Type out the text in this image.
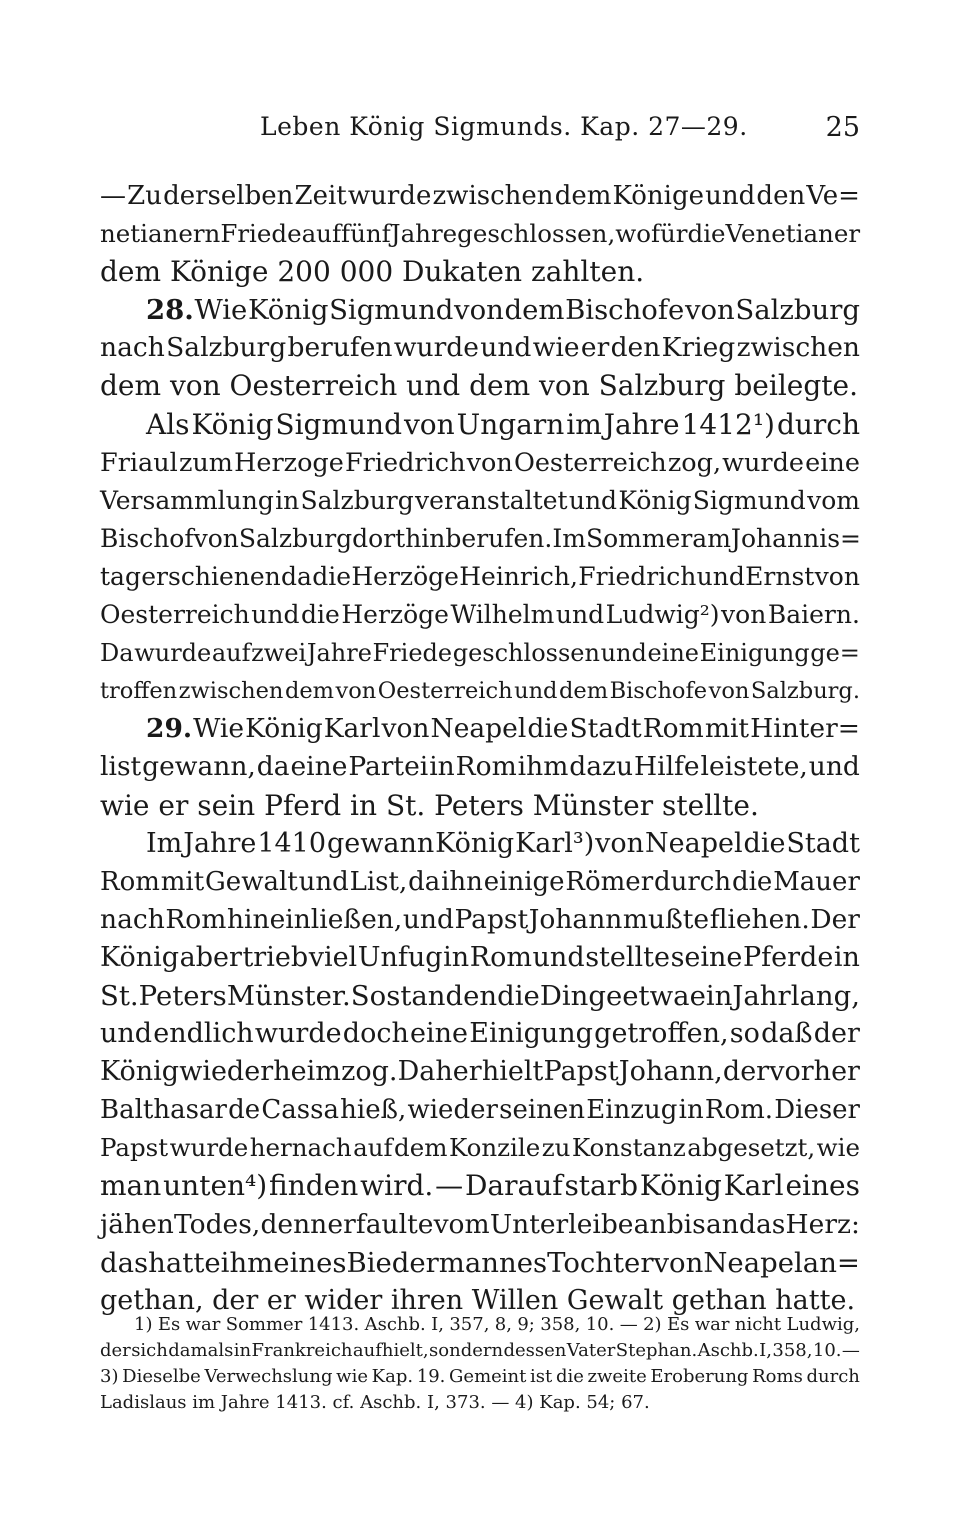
Leben König Sigmunds. Kap. 27—29.	25
— Zu derselben Zeit wurde zwischen dem Könige und den Ve=
netianern Friede auf fünf Jahre geschlossen, wofür die Venetianer
dem Könige 200 000 Dukaten zahlten.
28. Wie König Sigmund von dem Bischofe von Salzburg
nach Salzburg berufen wurde und wie er den Krieg zwischen
dem von Oesterreich und dem von Salzburg beilegte.
Als König Sigmund von Ungarn im Jahre 1412¹) durch
Friaul zum Herzoge Friedrich von Oesterreich zog, wurde eine
Versammlung in Salzburg veranstaltet und König Sigmund vom
Bischof von Salzburg dorthin berufen. Im Sommer am Johannis=
tag erschienen da die Herzöge Heinrich, Friedrich und Ernst von
Oesterreich und die Herzöge Wilhelm und Ludwig²) von Baiern.
Da wurde auf zwei Jahre Friede geschlossen und eine Einigung ge=
troffen zwischen dem von Oesterreich und dem Bischofe von Salzburg.
29. Wie König Karl von Neapel die Stadt Rom mit Hinter=
list gewann, da eine Partei in Rom ihm dazu Hilfe leistete, und
wie er sein Pferd in St. Peters Münster stellte.
Im Jahre 1410 gewann König Karl³) von Neapel die Stadt
Rom mit Gewalt und List, da ihn einige Römer durch die Mauer
nach Rom hineinließen, und Papst Johann mußte fliehen. Der
König aber trieb viel Unfug in Rom und stellte seine Pferde in
St. Peters Münster. So standen die Dinge etwa ein Jahr lang,
und endlich wurde doch eine Einigung getroffen, so daß der
König wieder heim zog. Daher hielt Papst Johann, der vorher
Balthasar de Cassa hieß, wieder seinen Einzug in Rom. Dieser
Papst wurde hernach auf dem Konzile zu Konstanz abgesetzt, wie
man unten⁴) finden wird. — Darauf starb König Karl eines
jähen Todes, denn er faulte vom Unterleibe an bis an das Herz:
das hatte ihm eines Biedermannes Tochter von Neapel an=
gethan, der er wider ihren Willen Gewalt gethan hatte.
1) Es war Sommer 1413. Aschb. I, 357, 8, 9; 358, 10. — 2) Es war nicht Ludwig,
der sich damals in Frankreich aufhielt, sondern dessen Vater Stephan. Aschb. I, 358, 10. —
3) Dieselbe Verwechslung wie Kap. 19. Gemeint ist die zweite Eroberung Roms durch
Ladislaus im Jahre 1413. cf. Aschb. I, 373. — 4) Kap. 54; 67.
